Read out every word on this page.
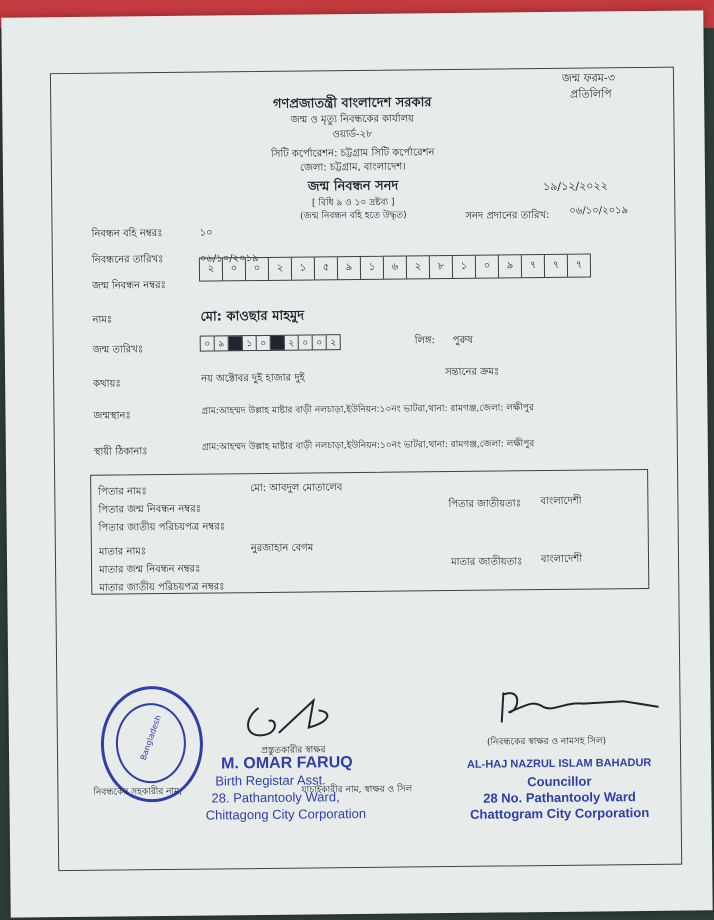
জন্ম ফরম-৩
প্রতিলিপি
গণপ্রজাতন্ত্রী বাংলাদেশ সরকার
জন্ম ও মৃত্যু নিবন্ধকের কার্যালয়
ওয়ার্ড-২৮
সিটি কর্পোরেশন: চট্টগ্রাম সিটি কর্পোরেশন
জেলা: চট্টগ্রাম, বাংলাদেশ।
জন্ম নিবন্ধন সনদ
[ বিধি ৯ ও ১০ দ্রষ্টব্য ]
(জন্ম নিবন্ধন বহি হতে উদ্ধৃত)
১৯/১২/২০২২
সনদ প্রদানের তারিখ: ০৬/১০/২০১৯
নিবন্ধন বহি নম্বরঃ	১০
নিবন্ধনের তারিখঃ	০৬/১০/২০১৯
জন্ম নিবন্ধন নম্বরঃ
২	০	০	২	১	৫	৯	১	৬	২	৮	১	০	৯	৭	৭	৭
নামঃ	মো: কাওছার মাহমুদ
জন্ম তারিখঃ
০ ৯	১ ০	২ ০ ০ ২	লিঙ্গ: পুরুষ
কথায়ঃ	নয় অক্টোবর দুই হাজার দুই
সন্তানের ক্রমঃ
জন্মস্থানঃ	গ্রাম:আহম্মদ উল্লাহ মাষ্টার বাড়ী নলচাড়া,ইউনিয়ন:১০নং ভাটরা,থানা: রামগঞ্জ,জেলা: লক্ষীপুর
স্থায়ী ঠিকানাঃ	গ্রাম:আহম্মদ উল্লাহ মাষ্টার বাড়ী নলচাড়া,ইউনিয়ন:১০নং ভাটরা,থানা: রামগঞ্জ,জেলা: লক্ষীপুর
পিতার নামঃ	মো: আবদুল মোতালেব
পিতার জন্ম নিবন্ধন নম্বরঃ
পিতার জাতীয় পরিচয়পত্র নম্বরঃ
পিতার জাতীয়তাঃ বাংলাদেশী
মাতার নামঃ	নুরজাহান বেগম
মাতার জন্ম নিবন্ধন নম্বরঃ
মাতার জাতীয় পরিচয়পত্র নম্বরঃ
মাতার জাতীয়তাঃ বাংলাদেশী
প্রস্তুতকারীর স্বাক্ষর
(নিবন্ধকের স্বাক্ষর ও নামসহ সিল)
Bangladesh
নিবন্ধকের সহকারীর নাম,	যাচাইকারীর নাম, স্বাক্ষর ও সিল
M. OMAR FARUQ
Birth Registar Asst.
28. Pathantooly Ward,
Chittagong City Corporation
AL-HAJ NAZRUL ISLAM BAHADUR
Councillor
28 No. Pathantooly Ward
Chattogram City Corporation
